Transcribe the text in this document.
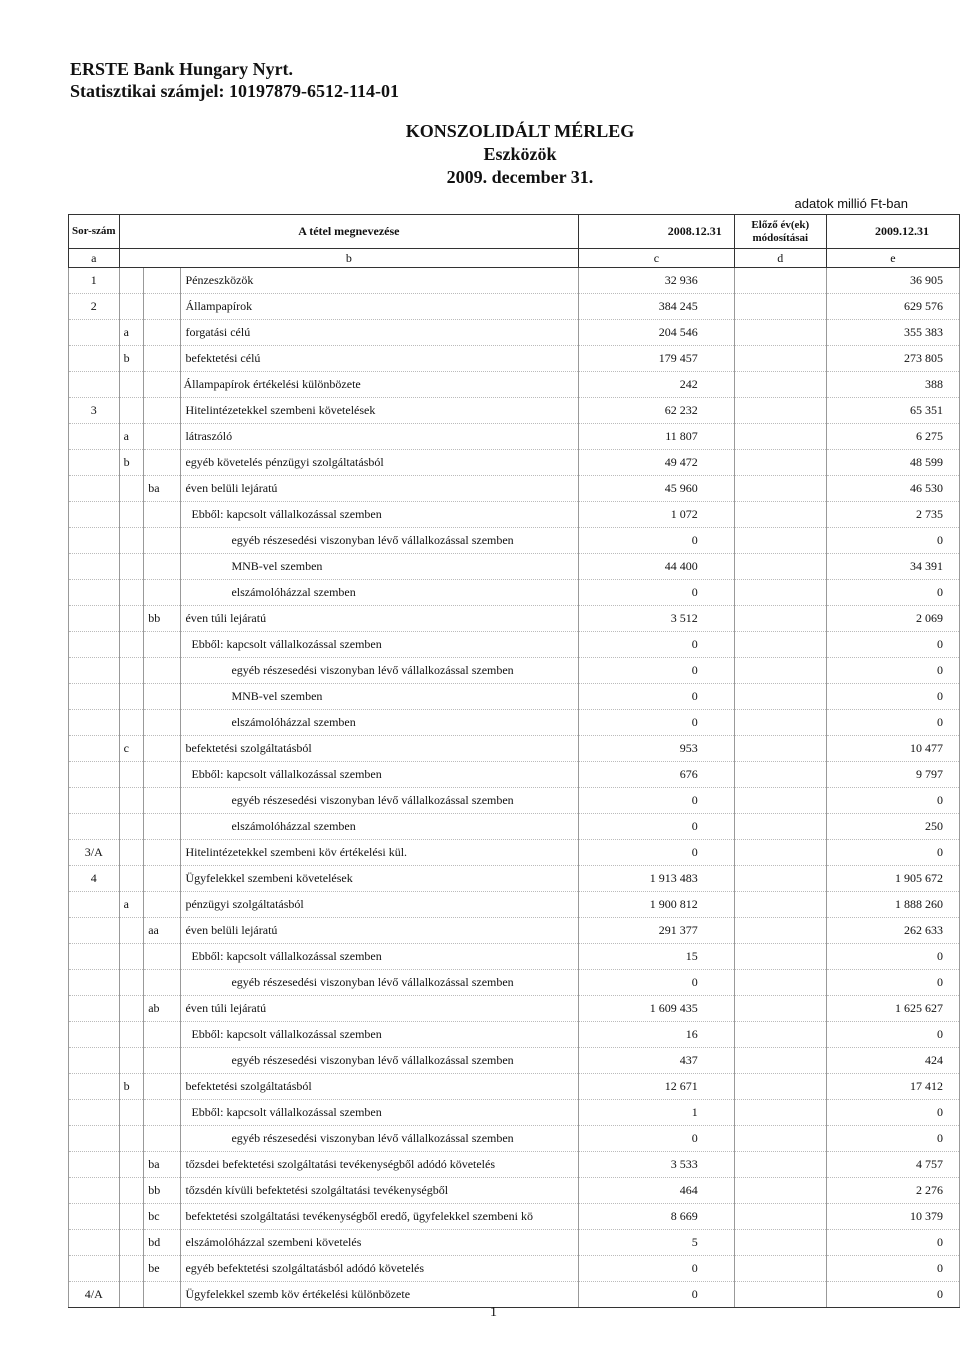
ERSTE Bank Hungary Nyrt.
Statisztikai számjel: 10197879-6512-114-01
KONSZOLIDÁLT MÉRLEG
Eszközök
2009. december 31.
adatok millió Ft-ban
Sor-szám	A tétel megnevezése			2008.12.31	Előző év(ek) módosításai	2009.12.31
a	b			c	d	e
1			Pénzeszközök	32 936		36 905
2			Állampapírok	384 245		629 576
	a		forgatási célú	204 546		355 383
	b		befektetési célú	179 457		273 805
			Állampapírok értékelési különbözete	242		388
3			Hitelintézetekkel szembeni követelések	62 232		65 351
	a		látraszóló	11 807		6 275
	b		egyéb követelés pénzügyi szolgáltatásból	49 472		48 599
		ba	éven belüli lejáratú	45 960		46 530
			Ebből: kapcsolt vállalkozással szemben	1 072		2 735
			egyéb részesedési viszonyban lévő vállalkozással szemben	0		0
			MNB-vel szemben	44 400		34 391
			elszámolóházzal szemben	0		0
		bb	éven túli lejáratú	3 512		2 069
			Ebből: kapcsolt vállalkozással szemben	0		0
			egyéb részesedési viszonyban lévő vállalkozással szemben	0		0
			MNB-vel szemben	0		0
			elszámolóházzal szemben	0		0
	c		befektetési szolgáltatásból	953		10 477
			Ebből: kapcsolt vállalkozással szemben	676		9 797
			egyéb részesedési viszonyban lévő vállalkozással szemben	0		0
			elszámolóházzal szemben	0		250
3/A			Hitelintézetekkel szembeni köv értékelési kül.	0		0
4			Ügyfelekkel szembeni követelések	1 913 483		1 905 672
	a		pénzügyi szolgáltatásból	1 900 812		1 888 260
		aa	éven belüli lejáratú	291 377		262 633
			Ebből: kapcsolt vállalkozással szemben	15		0
			egyéb részesedési viszonyban lévő vállalkozással szemben	0		0
		ab	éven túli lejáratú	1 609 435		1 625 627
			Ebből: kapcsolt vállalkozással szemben	16		0
			egyéb részesedési viszonyban lévő vállalkozással szemben	437		424
	b		befektetési szolgáltatásból	12 671		17 412
			Ebből: kapcsolt vállalkozással szemben	1		0
			egyéb részesedési viszonyban lévő vállalkozással szemben	0		0
		ba	tőzsdei befektetési szolgáltatási tevékenységből adódó követelés	3 533		4 757
		bb	tőzsdén kívüli befektetési szolgáltatási tevékenységből	464		2 276
		bc	befektetési szolgáltatási tevékenységből eredő, ügyfelekkel szembeni kö	8 669		10 379
		bd	elszámolóházzal szembeni követelés	5		0
		be	egyéb befektetési szolgáltatásból adódó követelés	0		0
4/A			Ügyfelekkel szemb köv értékelési különbözete	0		0
1
